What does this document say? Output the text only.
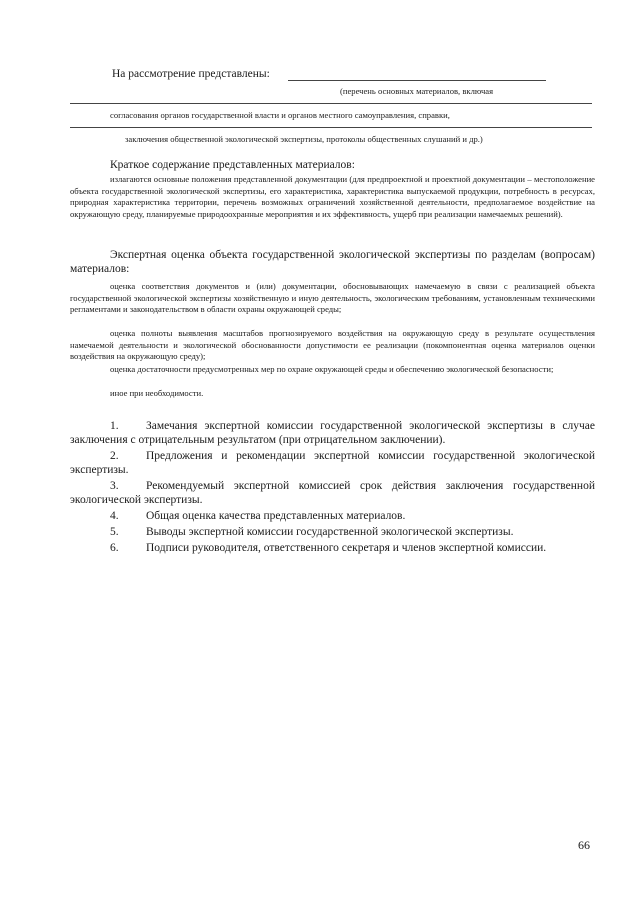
На рассмотрение представлены:
(перечень основных материалов, включая
согласования органов государственной власти и органов местного самоуправления, справки,
заключения общественной экологической экспертизы, протоколы общественных слушаний и др.)
Краткое содержание представленных материалов:

излагаются основные положения представленной документации (для предпроектной и проектной документации – местоположение объекта государственной экологической экспертизы, его характеристика, характеристика выпускаемой продукции, потребность в ресурсах, природная характеристика территории, перечень возможных ограничений хозяйственной деятельности, предполагаемое воздействие на окружающую среду, планируемые природоохранные мероприятия и их эффективность, ущерб при реализации намечаемых решений).

Экспертная оценка объекта государственной экологической экспертизы по разделам (вопросам) материалов:

оценка соответствия документов и (или) документации, обосновывающих намечаемую в связи с реализацией объекта государственной экологической экспертизы хозяйственную и иную деятельность, экологическим требованиям, установленным техническими регламентами и законодательством в области охраны окружающей среды;

оценка полноты выявления масштабов прогнозируемого воздействия на окружающую среду в результате осуществления намечаемой деятельности и экологической обоснованности допустимости ее реализации (покомпонентная оценка материалов оценки воздействия на окружающую среду);

оценка достаточности предусмотренных мер по охране окружающей среды и обеспечению экологической безопасности;

иное при необходимости.

1. Замечания экспертной комиссии государственной экологической экспертизы в случае заключения с отрицательным результатом (при отрицательном заключении).

2. Предложения и рекомендации экспертной комиссии государственной экологической экспертизы.

3. Рекомендуемый экспертной комиссией срок действия заключения государственной экологической экспертизы.

4. Общая оценка качества представленных материалов.

5. Выводы экспертной комиссии государственной экологической экспертизы.

6. Подписи руководителя, ответственного секретаря и членов экспертной комиссии.

66
